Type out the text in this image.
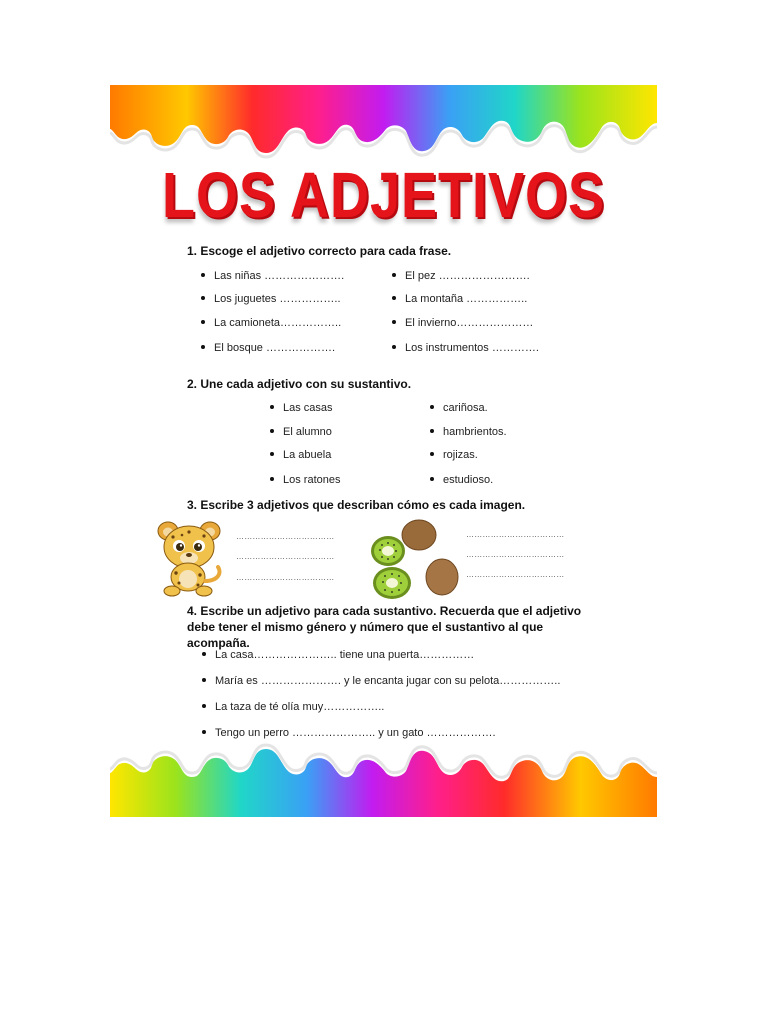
LOS ADJETIVOS
1. Escoge el adjetivo correcto para cada frase.
Las niñas ………………….
Los juguetes ……………..
La camioneta……………..
El bosque ……………….
El pez …………………….
La montaña ……………..
El invierno…………………
Los instrumentos ………….
2. Une cada adjetivo con su sustantivo.
Las casas
El alumno
La abuela
Los ratones
cariñosa.
hambrientos.
rojizas.
estudioso.
3. Escribe 3 adjetivos que describan cómo es cada imagen.
………………………………
………………………………
………………………………
………………………………
………………………………
………………………………
4. Escribe un adjetivo para cada sustantivo. Recuerda que el adjetivo debe tener el mismo género y número que el sustantivo al que acompaña.
La casa………………….. tiene una puerta……………
María es …………………. y le encanta jugar con su pelota……………..
La taza de té olía muy……………..
Tengo un perro ………………….. y un gato ……………….
